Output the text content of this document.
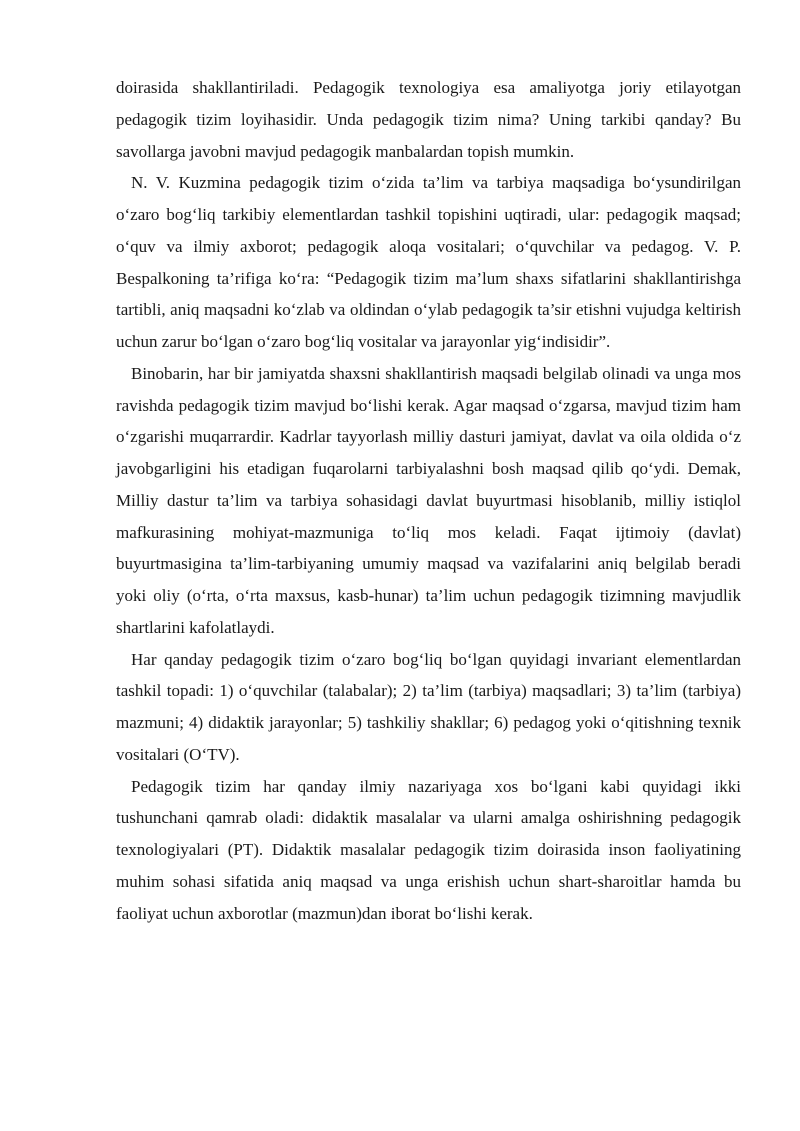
doirasida shakllantiriladi. Pedagogik texnologiya esa amaliyotga joriy etilayotgan pedagogik tizim loyihasidir. Unda pedagogik tizim nima? Uning tarkibi qanday? Bu savollarga javobni mavjud pedagogik manbalardan topish mumkin.

N. V. Kuzmina pedagogik tizim o‘zida ta’lim va tarbiya maqsadiga bo‘ysundirilgan o‘zaro bog‘liq tarkibiy elementlardan tashkil topishini uqtiradi, ular: pedagogik maqsad; o‘quv va ilmiy axborot; pedagogik aloqa vositalari; o‘quvchilar va pedagog. V. P. Bespalkoning ta’rifiga ko‘ra: “Pedagogik tizim ma’lum shaxs sifatlarini shakllantirishga tartibli, aniq maqsadni ko‘zlab va oldindan o‘ylab pedagogik ta’sir etishni vujudga keltirish uchun zarur bo‘lgan o‘zaro bog‘liq vositalar va jarayonlar yig‘indisidir”.

Binobarin, har bir jamiyatda shaxsni shakllantirish maqsadi belgilab olinadi va unga mos ravishda pedagogik tizim mavjud bo‘lishi kerak. Agar maqsad o‘zgarsa, mavjud tizim ham o‘zgarishi muqarrardir. Kadrlar tayyorlash milliy dasturi jamiyat, davlat va oila oldida o‘z javobgarligini his etadigan fuqarolarni tarbiyalashni bosh maqsad qilib qo‘ydi. Demak, Milliy dastur ta’lim va tarbiya sohasidagi davlat buyurtmasi hisoblanib, milliy istiqlol mafkurasining mohiyat-mazmuniga to‘liq mos keladi. Faqat ijtimoiy (davlat) buyurtmasigina ta’lim-tarbiyaning umumiy maqsad va vazifalarini aniq belgilab beradi yoki oliy (o‘rta, o‘rta maxsus, kasb-hunar) ta’lim uchun pedagogik tizimning mavjudlik shartlarini kafolatlaydi.

Har qanday pedagogik tizim o‘zaro bog‘liq bo‘lgan quyidagi invariant elementlardan tashkil topadi: 1) o‘quvchilar (talabalar); 2) ta’lim (tarbiya) maqsadlari; 3) ta’lim (tarbiya) mazmuni; 4) didaktik jarayonlar; 5) tashkiliy shakllar; 6) pedagog yoki o‘qitishning texnik vositalari (O‘TV).

Pedagogik tizim har qanday ilmiy nazariyaga xos bo‘lgani kabi quyidagi ikki tushunchani qamrab oladi: didaktik masalalar va ularni amalga oshirishning pedagogik texnologiyalari (PT). Didaktik masalalar pedagogik tizim doirasida inson faoliyatining muhim sohasi sifatida aniq maqsad va unga erishish uchun shart-sharoitlar hamda bu faoliyat uchun axborotlar (mazmun)dan iborat bo‘lishi kerak.
